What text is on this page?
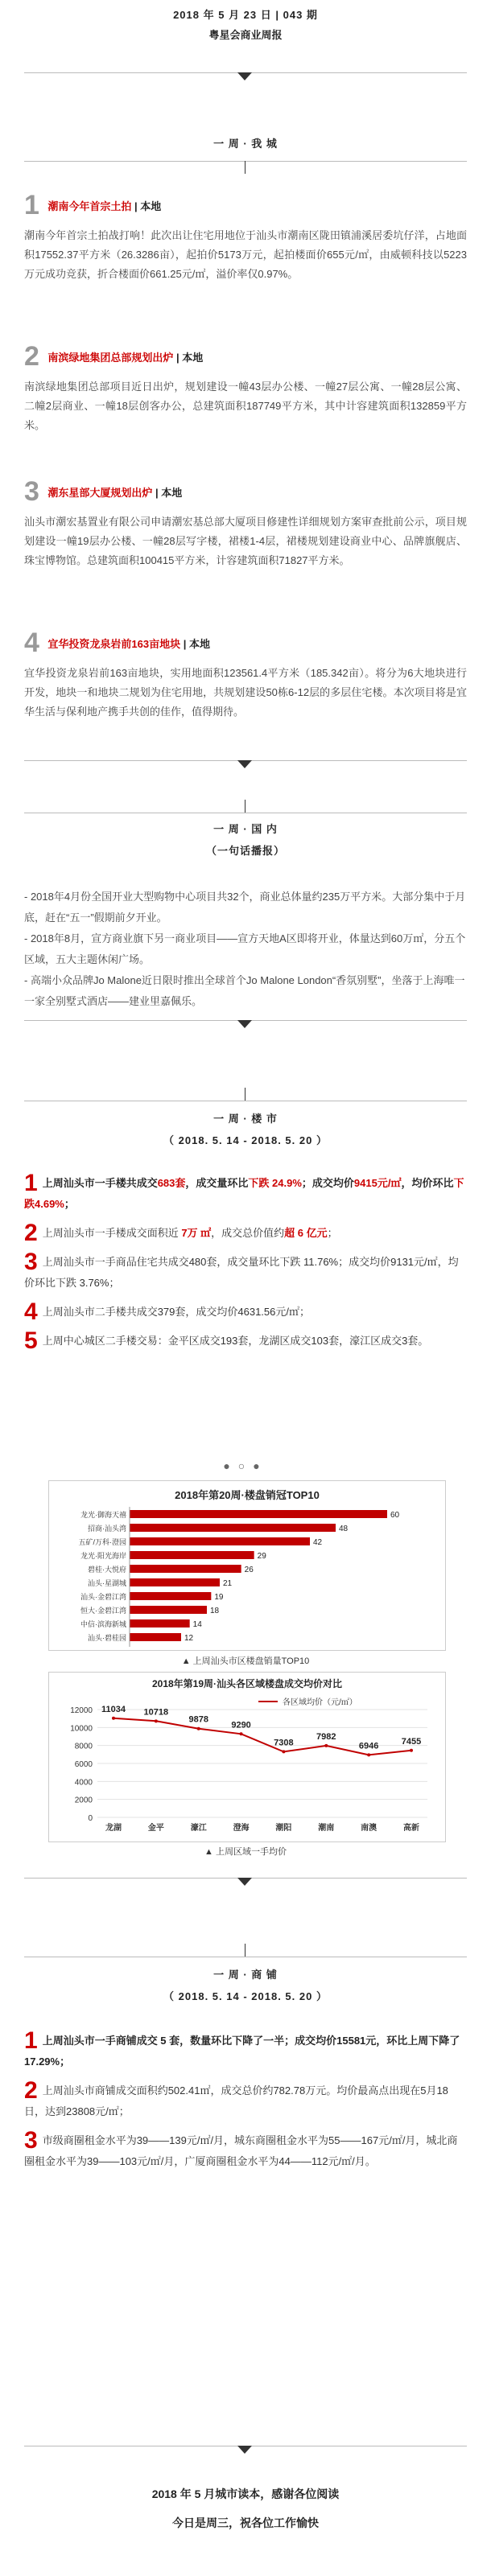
2018 年 5 月 23 日 | 043 期
粤星会商业周报
一 周 · 我 城
1 潮南今年首宗土拍 | 本地
潮南今年首宗土拍战打响！此次出让住宅用地位于汕头市潮南区陇田镇浦溪居委坑仔洋，占地面积17552.37平方米（26.3286亩），起拍价5173万元，起拍楼面价655元/㎡，由威顿科技以5223万元成功竞获，折合楼面价661.25元/㎡，溢价率仅0.97%。
2 南滨绿地集团总部规划出炉 | 本地
南滨绿地集团总部项目近日出炉，规划建设一幢43层办公楼、一幢27层公寓、一幢28层公寓、二幢2层商业、一幢18层创客办公，总建筑面积187749平方米，其中计容建筑面积132859平方米。
3 潮东星部大厦规划出炉 | 本地
汕头市潮宏基置业有限公司申请潮宏基总部大厦项目修建性详细规划方案审查批前公示，项目规划建设一幢19层办公楼、一幢28层写字楼，裙楼1-4层，裙楼规划建设商业中心、品牌旗舰店、珠宝博物馆。总建筑面积100415平方米，计容建筑面积71827平方米。
4 宜华投资龙泉岩前163亩地块 | 本地
宜华投资龙泉岩前163亩地块，实用地面积123561.4平方米（185.342亩）。将分为6大地块进行开发，地块一和地块二规划为住宅用地，共规划建设50栋6-12层的多层住宅楼。本次项目将是宜华生活与保利地产携手共创的佳作，值得期待。
一 周 · 国 内
（一句话播报）
- 2018年4月份全国开业大型购物中心项目共32个，商业总体量约235万平方米。大部分集中于月底，赶在“五一”假期前夕开业。
- 2018年8月，宣方商业旗下另一商业项目——宣方天地A区即将开业，体量达到60万㎡，分五个区域，五大主题休闲广场。
- 高端小众品牌Jo Malone近日限时推出全球首个Jo Malone London“香氛别墅”，坐落于上海唯一一家全别墅式酒店——建业里嘉佩乐。
一 周 · 楼 市
（ 2018. 5. 14 - 2018. 5. 20 ）
1 上周汕头市一手楼共成交683套，成交量环比下跌 24.9%；成交均价9415元/㎡，均价环比下跌4.69%；
2 上周汕头市一手楼成交面积近 7万 ㎡，成交总价值约超 6 亿元；
3 上周汕头市一手商品住宅共成交480套，成交量环比下跌 11.76%；成交均价9131元/㎡，均价环比下跌 3.76%；
4 上周汕头市二手楼共成交379套，成交均价4631.56元/㎡；
5 上周中心城区二手楼交易：金平区成交193套，龙湖区成交103套，濠江区成交3套。
●○●
2018年第20周·楼盘销冠TOP10
龙光·御海天禧	60
招商·汕头湾	48
五矿/万科·澄园	42
龙光·阳光海岸	29
碧桂·大悦府	26
汕头·星湖城	21
汕头·金碧江湾	19
恒大·金碧江湾	18
中信·滨海新城	14
汕头·碧桂园	12
▲ 上周汕头市区楼盘销量TOP10
2018年第19周·汕头各区域楼盘成交均价对比
各区域均价（元/㎡）
0
2000
4000
6000
8000
10000
12000 11034
龙湖
10718
金平
9878
濠江
9290
澄海
7308
潮阳
7982
潮南
6946
南澳
7455
高新
▲ 上周区域一手均价
一 周 · 商 铺
（ 2018. 5. 14 - 2018. 5. 20 ）
1 上周汕头市一手商铺成交 5 套，数量环比下降了一半；成交均价15581元，环比上周下降了17.29%；
2 上周汕头市商铺成交面积约502.41㎡，成交总价约782.78万元。均价最高点出现在5月18日，达到23808元/㎡；
3 市级商圈租金水平为39——139元/㎡/月，城东商圈租金水平为55——167元/㎡/月，城北商圈租金水平为39——103元/㎡/月，广厦商圈租金水平为44——112元/㎡/月。
2018 年 5 月城市读本，感谢各位阅读
今日是周三，祝各位工作愉快
